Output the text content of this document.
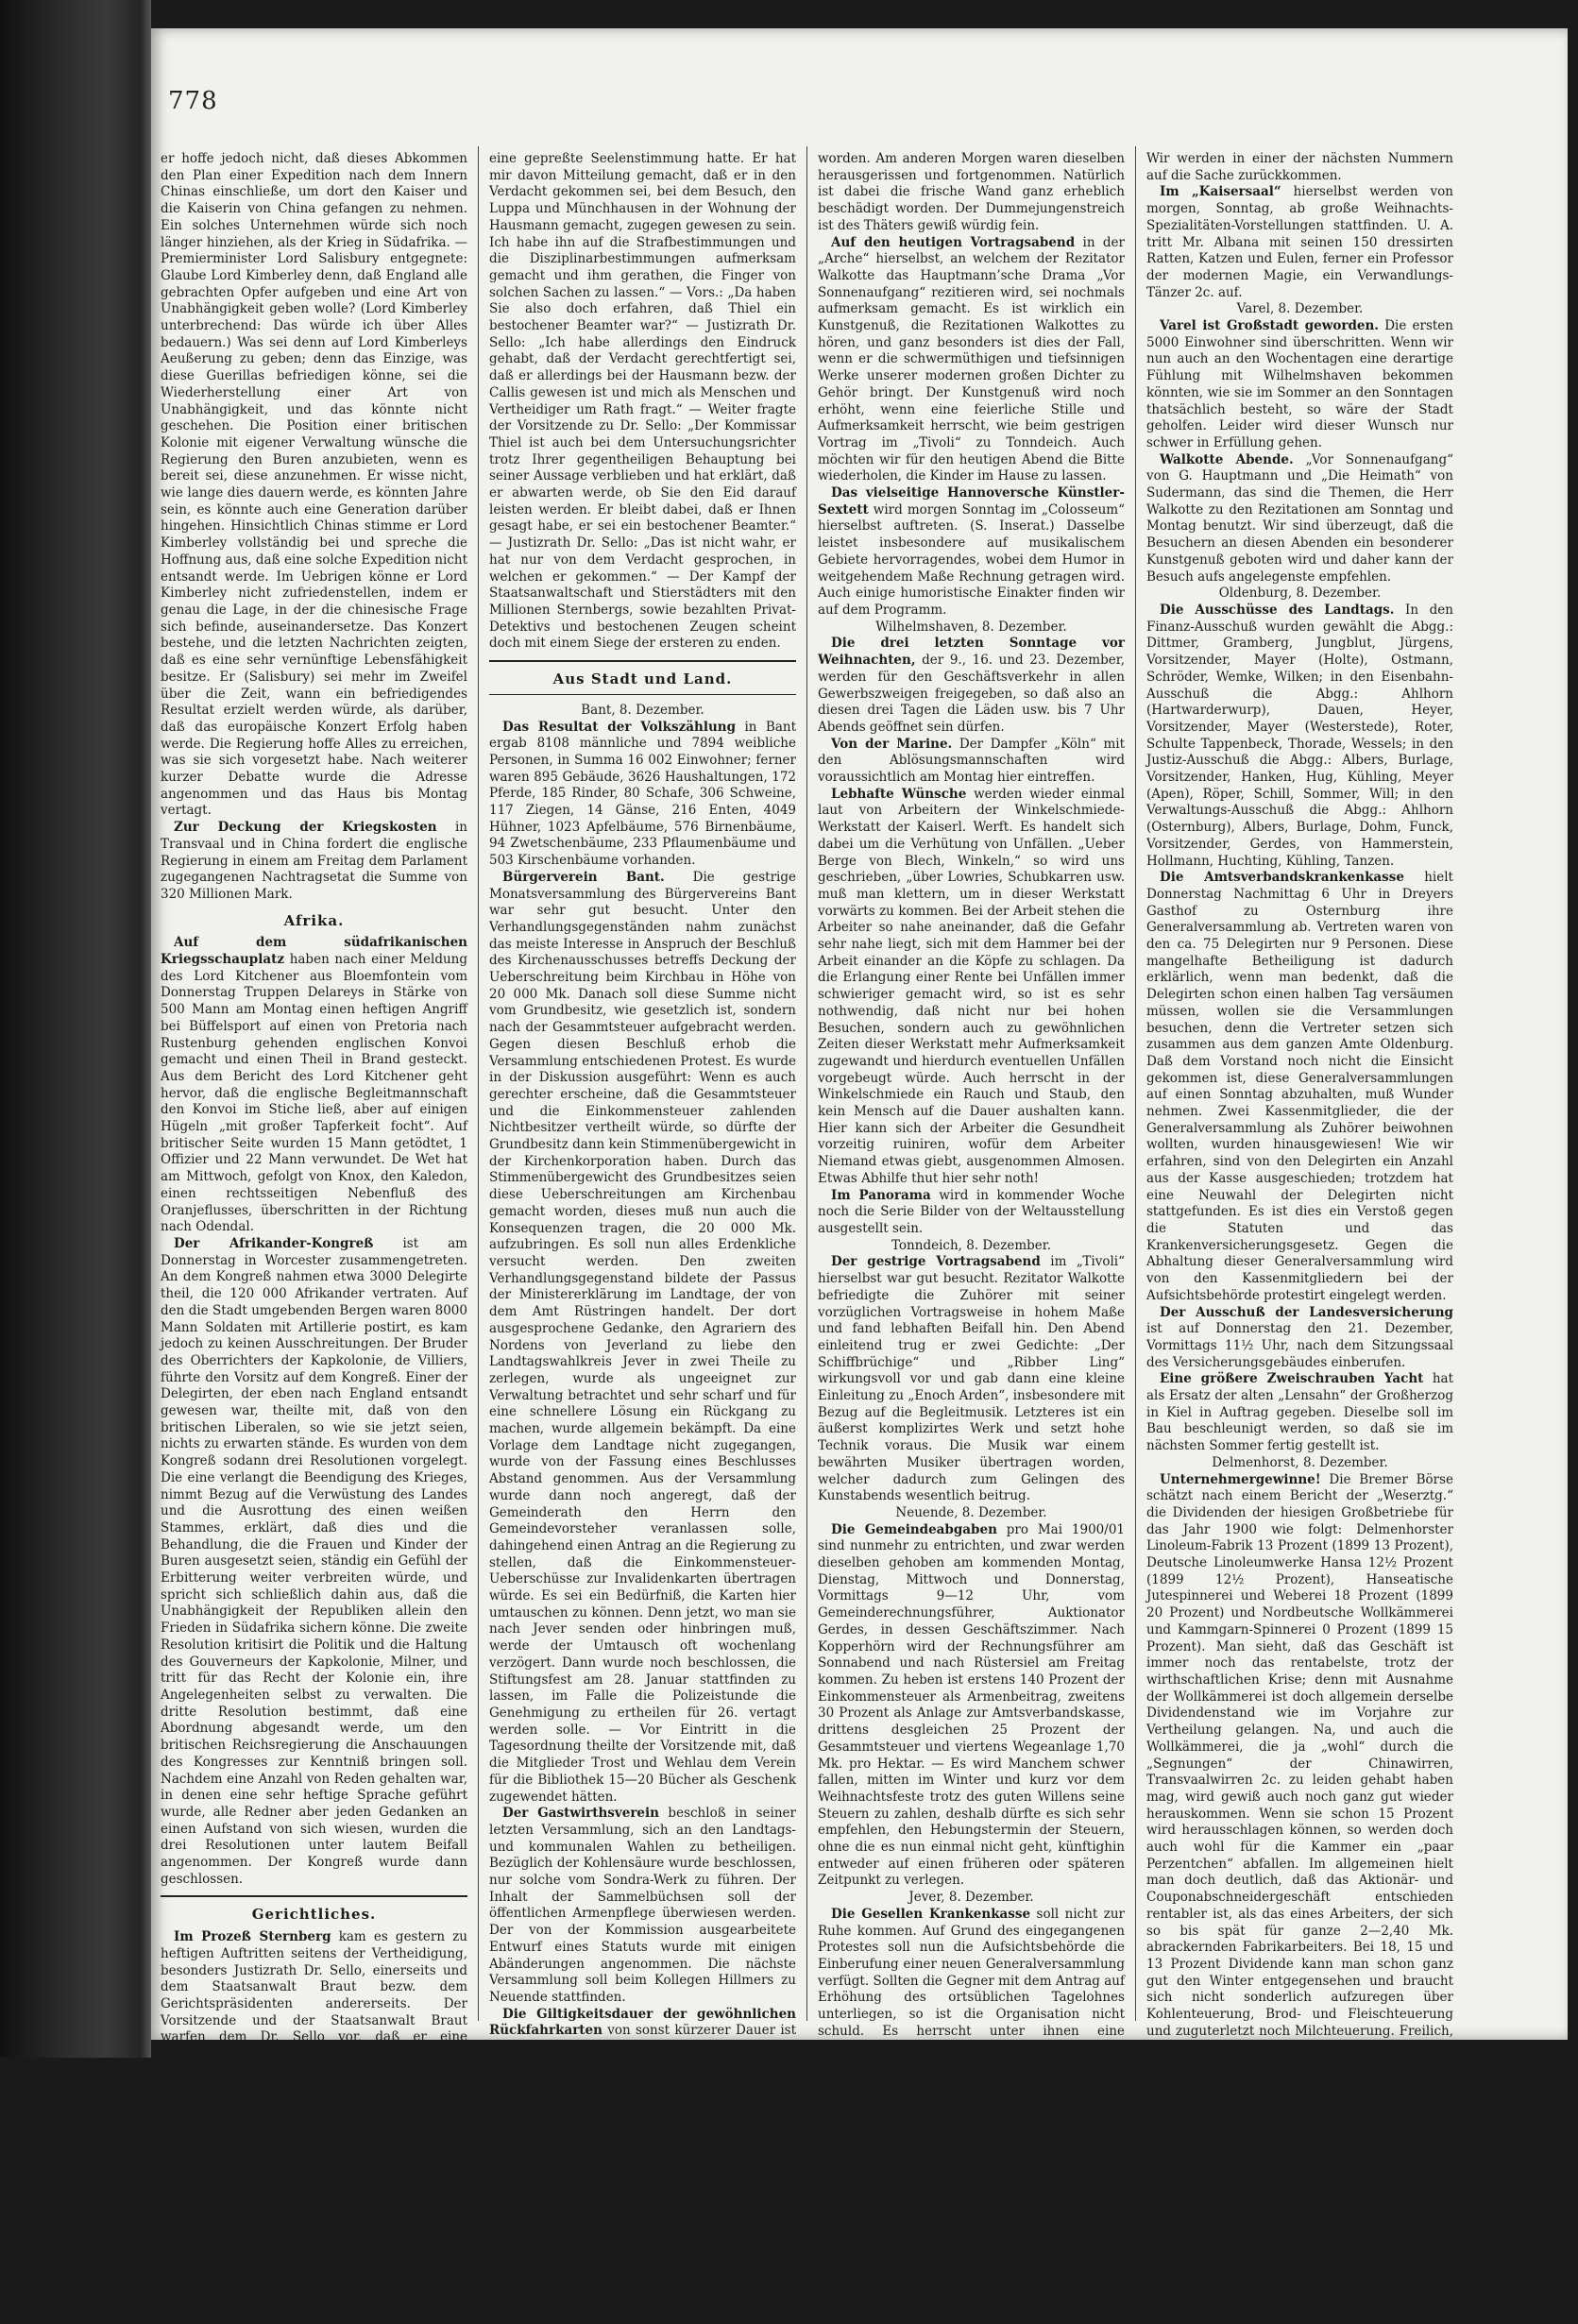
778

er hoffe jedoch nicht, daß dieses Abkommen den Plan einer Expedition nach dem Innern Chinas einschließe, um dort den Kaiser und die Kaiserin von China gefangen zu nehmen. Ein solches Unternehmen würde sich noch länger hinziehen, als der Krieg in Südafrika. — Premierminister Lord Salisbury entgegnete: Glaube Lord Kimberley denn, daß England alle gebrachten Opfer aufgeben und eine Art von Unabhängigkeit geben wolle? (Lord Kimberley unterbrechend: Das würde ich über Alles bedauern.) Was sei denn auf Lord Kimberleys Aeußerung zu geben; denn das Einzige, was diese Guerillas befriedigen könne, sei die Wiederherstellung einer Art von Unabhängigkeit, und das könnte nicht geschehen. Die Position einer britischen Kolonie mit eigener Verwaltung wünsche die Regierung den Buren anzubieten, wenn es bereit sei, diese anzunehmen. Er wisse nicht, wie lange dies dauern werde, es könnten Jahre sein, es könnte auch eine Generation darüber hingehen. Hinsichtlich Chinas stimme er Lord Kimberley vollständig bei und spreche die Hoffnung aus, daß eine solche Expedition nicht entsandt werde. Im Uebrigen könne er Lord Kimberley nicht zufriedenstellen, indem er genau die Lage, in der die chinesische Frage sich befinde, auseinandersetze. Das Konzert bestehe, und die letzten Nachrichten zeigten, daß es eine sehr vernünftige Lebensfähigkeit besitze. Er (Salisbury) sei mehr im Zweifel über die Zeit, wann ein befriedigendes Resultat erzielt werden würde, als darüber, daß das europäische Konzert Erfolg haben werde. Die Regierung hoffe Alles zu erreichen, was sie sich vorgesetzt habe. Nach weiterer kurzer Debatte wurde die Adresse angenommen und das Haus bis Montag vertagt.

Zur Deckung der Kriegskosten in Transvaal und in China fordert die englische Regierung in einem am Freitag dem Parlament zugegangenen Nachtragsetat die Summe von 320 Millionen Mark.

Afrika.

Auf dem südafrikanischen Kriegsschauplatz haben nach einer Meldung des Lord Kitchener aus Bloemfontein vom Donnerstag Truppen Delareys in Stärke von 500 Mann am Montag einen heftigen Angriff bei Büffelsport auf einen von Pretoria nach Rustenburg gehenden englischen Konvoi gemacht und einen Theil in Brand gesteckt. Aus dem Bericht des Lord Kitchener geht hervor, daß die englische Begleitmannschaft den Konvoi im Stiche ließ, aber auf einigen Hügeln „mit großer Tapferkeit focht“. Auf britischer Seite wurden 15 Mann getödtet, 1 Offizier und 22 Mann verwundet. De Wet hat am Mittwoch, gefolgt von Knox, den Kaledon, einen rechtsseitigen Nebenfluß des Oranjeflusses, überschritten in der Richtung nach Odendal.

Der Afrikander-Kongreß ist am Donnerstag in Worcester zusammengetreten. An dem Kongreß nahmen etwa 3000 Delegirte theil, die 120 000 Afrikander vertraten. Auf den die Stadt umgebenden Bergen waren 8000 Mann Soldaten mit Artillerie postirt, es kam jedoch zu keinen Ausschreitungen. Der Bruder des Oberrichters der Kapkolonie, de Villiers, führte den Vorsitz auf dem Kongreß. Einer der Delegirten, der eben nach England entsandt gewesen war, theilte mit, daß von den britischen Liberalen, so wie sie jetzt seien, nichts zu erwarten stände. Es wurden von dem Kongreß sodann drei Resolutionen vorgelegt. Die eine verlangt die Beendigung des Krieges, nimmt Bezug auf die Verwüstung des Landes und die Ausrottung des einen weißen Stammes, erklärt, daß dies und die Behandlung, die die Frauen und Kinder der Buren ausgesetzt seien, ständig ein Gefühl der Erbitterung weiter verbreiten würde, und spricht sich schließlich dahin aus, daß die Unabhängigkeit der Republiken allein den Frieden in Südafrika sichern könne. Die zweite Resolution kritisirt die Politik und die Haltung des Gouverneurs der Kapkolonie, Milner, und tritt für das Recht der Kolonie ein, ihre Angelegenheiten selbst zu verwalten. Die dritte Resolution bestimmt, daß eine Abordnung abgesandt werde, um den britischen Reichsregierung die Anschauungen des Kongresses zur Kenntniß bringen soll. Nachdem eine Anzahl von Reden gehalten war, in denen eine sehr heftige Sprache geführt wurde, alle Redner aber jeden Gedanken an einen Aufstand von sich wiesen, wurden die drei Resolutionen unter lautem Beifall angenommen. Der Kongreß wurde dann geschlossen.

Gerichtliches.

Im Prozeß Sternberg kam es gestern zu heftigen Auftritten seitens der Vertheidigung, besonders Justizrath Dr. Sello, einerseits und dem Staatsanwalt Braut bezw. dem Gerichtspräsidenten andererseits. Der Vorsitzende und der Staatsanwalt Braut warfen dem Dr. Sello vor, daß er eine Entrüstung bei der Beschuldigung Stierstädters, daß Thiel das Vorgehen des Kommissars Thiel gewußt, nicht am Platze gewesen sei, denn Thiel habe ihm, Dr. Sello, gesagt, er habe schon im Monat Mai dem Dr. Sello mitgetheilt, daß er ein bestochener Beamter sei. Dr. Sello bestritt, daß Sello es gesagt habe und wurde sehr aufgebracht auf folgender Erklärung festgenagelt: „Herr Thiel ist etwa im März zu mir gekommen und hat auf mich den Eindruck gemacht, als ob er sich in schwerer Gewissensbedrängniß befunden und

eine gepreßte Seelenstimmung hatte. Er hat mir davon Mitteilung gemacht, daß er in den Verdacht gekommen sei, bei dem Besuch, den Luppa und Münchhausen in der Wohnung der Hausmann gemacht, zugegen gewesen zu sein. Ich habe ihn auf die Strafbestimmungen und die Disziplinarbestimmungen aufmerksam gemacht und ihm gerathen, die Finger von solchen Sachen zu lassen.“ — Vors.: „Da haben Sie also doch erfahren, daß Thiel ein bestochener Beamter war?“ — Justizrath Dr. Sello: „Ich habe allerdings den Eindruck gehabt, daß der Verdacht gerechtfertigt sei, daß er allerdings bei der Hausmann bezw. der Callis gewesen ist und mich als Menschen und Vertheidiger um Rath fragt.“ — Weiter fragte der Vorsitzende zu Dr. Sello: „Der Kommissar Thiel ist auch bei dem Untersuchungsrichter trotz Ihrer gegentheiligen Behauptung bei seiner Aussage verblieben und hat erklärt, daß er abwarten werde, ob Sie den Eid darauf leisten werden. Er bleibt dabei, daß er Ihnen gesagt habe, er sei ein bestochener Beamter.“ — Justizrath Dr. Sello: „Das ist nicht wahr, er hat nur von dem Verdacht gesprochen, in welchen er gekommen.“ — Der Kampf der Staatsanwaltschaft und Stierstädters mit den Millionen Sternbergs, sowie bezahlten Privat-Detektivs und bestochenen Zeugen scheint doch mit einem Siege der ersteren zu enden.

Aus Stadt und Land.

Bant, 8. Dezember.

Das Resultat der Volkszählung in Bant ergab 8108 männliche und 7894 weibliche Personen, in Summa 16 002 Einwohner; ferner waren 895 Gebäude, 3626 Haushaltungen, 172 Pferde, 185 Rinder, 80 Schafe, 306 Schweine, 117 Ziegen, 14 Gänse, 216 Enten, 4049 Hühner, 1023 Apfelbäume, 576 Birnenbäume, 94 Zwetschenbäume, 233 Pflaumenbäume und 503 Kirschenbäume vorhanden.

Bürgerverein Bant. Die gestrige Monatsversammlung des Bürgervereins Bant war sehr gut besucht. Unter den Verhandlungsgegenständen nahm zunächst das meiste Interesse in Anspruch der Beschluß des Kirchenausschusses betreffs Deckung der Ueberschreitung beim Kirchbau in Höhe von 20 000 Mk. Danach soll diese Summe nicht vom Grundbesitz, wie gesetzlich ist, sondern nach der Gesammtsteuer aufgebracht werden. Gegen diesen Beschluß erhob die Versammlung entschiedenen Protest. Es wurde in der Diskussion ausgeführt: Wenn es auch gerechter erscheine, daß die Gesammtsteuer und die Einkommensteuer zahlenden Nichtbesitzer vertheilt würde, so dürfte der Grundbesitz dann kein Stimmenübergewicht in der Kirchenkorporation haben. Durch das Stimmenübergewicht des Grundbesitzes seien diese Ueberschreitungen am Kirchenbau gemacht worden, dieses muß nun auch die Konsequenzen tragen, die 20 000 Mk. aufzubringen. Es soll nun alles Erdenkliche versucht werden. Den zweiten Verhandlungsgegenstand bildete der Passus der Ministererklärung im Landtage, der von dem Amt Rüstringen handelt. Der dort ausgesprochene Gedanke, den Agrariern des Nordens von Jeverland zu liebe den Landtagswahlkreis Jever in zwei Theile zu zerlegen, wurde als ungeeignet zur Verwaltung betrachtet und sehr scharf und für eine schnellere Lösung ein Rückgang zu machen, wurde allgemein bekämpft. Da eine Vorlage dem Landtage nicht zugegangen, wurde von der Fassung eines Beschlusses Abstand genommen. Aus der Versammlung wurde dann noch angeregt, daß der Gemeinderath den Herrn den Gemeindevorsteher veranlassen solle, dahingehend einen Antrag an die Regierung zu stellen, daß die Einkommensteuer-Ueberschüsse zur Invalidenkarten übertragen würde. Es sei ein Bedürfniß, die Karten hier umtauschen zu können. Denn jetzt, wo man sie nach Jever senden oder hinbringen muß, werde der Umtausch oft wochenlang verzögert. Dann wurde noch beschlossen, die Stiftungsfest am 28. Januar stattfinden zu lassen, im Falle die Polizeistunde die Genehmigung zu ertheilen für 26. vertagt werden solle. — Vor Eintritt in die Tagesordnung theilte der Vorsitzende mit, daß die Mitglieder Trost und Wehlau dem Verein für die Bibliothek 15—20 Bücher als Geschenk zugewendet hätten.

Der Gastwirthsverein beschloß in seiner letzten Versammlung, sich an den Landtags- und kommunalen Wahlen zu betheiligen. Bezüglich der Kohlensäure wurde beschlossen, nur solche vom Sondra-Werk zu führen. Der Inhalt der Sammelbüchsen soll der öffentlichen Armenpflege überwiesen werden. Der von der Kommission ausgearbeitete Entwurf eines Statuts wurde mit einigen Abänderungen angenommen. Die nächste Versammlung soll beim Kollegen Hillmers zu Neuende stattfinden.

Die Giltigkeitsdauer der gewöhnlichen Rückfahrkarten von sonst kürzerer Dauer ist für den Bereich der Oldenburgischen Bahn zum Weihnachtsfeste im direkten Verkehr mit den Stationen der Preußisch-Hessischen und Sächsischen Staatseisenbahnen, der Eutin-Lübecker, Lübeck-Büchener, Mecklenburgischen Friedrich-Franz-, Niederländischen Staats- und Holländischen Bahn auf die Zeit vom 18. Dezember einschließlich bis zum 8. Januar einschließlich festgesetzt.

Ein Nachteil niedrigster Sorte wurde in der letzten Nacht in der Nähe einer Baude im Börsenstraße hierselbst verübt. Der Besitzer des Hauses wollte eine Thür in eine Wand setzen lassen. Die Haken, an welche die Thür gehängt werden sollte, waren neu eingemauert

worden. Am anderen Morgen waren dieselben herausgerissen und fortgenommen. Natürlich ist dabei die frische Wand ganz erheblich beschädigt worden. Der Dummejungenstreich ist des Thäters gewiß würdig fein.

Auf den heutigen Vortragsabend in der „Arche“ hierselbst, an welchem der Rezitator Walkotte das Hauptmann’sche Drama „Vor Sonnenaufgang“ rezitieren wird, sei nochmals aufmerksam gemacht. Es ist wirklich ein Kunstgenuß, die Rezitationen Walkottes zu hören, und ganz besonders ist dies der Fall, wenn er die schwermüthigen und tiefsinnigen Werke unserer modernen großen Dichter zu Gehör bringt. Der Kunstgenuß wird noch erhöht, wenn eine feierliche Stille und Aufmerksamkeit herrscht, wie beim gestrigen Vortrag im „Tivoli“ zu Tonndeich. Auch möchten wir für den heutigen Abend die Bitte wiederholen, die Kinder im Hause zu lassen.

Das vielseitige Hannoversche Künstler-Sextett wird morgen Sonntag im „Colosseum“ hierselbst auftreten. (S. Inserat.) Dasselbe leistet insbesondere auf musikalischem Gebiete hervorragendes, wobei dem Humor in weitgehendem Maße Rechnung getragen wird. Auch einige humoristische Einakter finden wir auf dem Programm.

Wilhelmshaven, 8. Dezember.

Die drei letzten Sonntage vor Weihnachten, der 9., 16. und 23. Dezember, werden für den Geschäftsverkehr in allen Gewerbszweigen freigegeben, so daß also an diesen drei Tagen die Läden usw. bis 7 Uhr Abends geöffnet sein dürfen.

Von der Marine. Der Dampfer „Köln“ mit den Ablösungsmannschaften wird voraussichtlich am Montag hier eintreffen.

Lebhafte Wünsche werden wieder einmal laut von Arbeitern der Winkelschmiede-Werkstatt der Kaiserl. Werft. Es handelt sich dabei um die Verhütung von Unfällen. „Ueber Berge von Blech, Winkeln,“ so wird uns geschrieben, „über Lowries, Schubkarren usw. muß man klettern, um in dieser Werkstatt vorwärts zu kommen. Bei der Arbeit stehen die Arbeiter so nahe aneinander, daß die Gefahr sehr nahe liegt, sich mit dem Hammer bei der Arbeit einander an die Köpfe zu schlagen. Da die Erlangung einer Rente bei Unfällen immer schwieriger gemacht wird, so ist es sehr nothwendig, daß nicht nur bei hohen Besuchen, sondern auch zu gewöhnlichen Zeiten dieser Werkstatt mehr Aufmerksamkeit zugewandt und hierdurch eventuellen Unfällen vorgebeugt würde. Auch herrscht in der Winkelschmiede ein Rauch und Staub, den kein Mensch auf die Dauer aushalten kann. Hier kann sich der Arbeiter die Gesundheit vorzeitig ruiniren, wofür dem Arbeiter Niemand etwas giebt, ausgenommen Almosen. Etwas Abhilfe thut hier sehr noth!

Im Panorama wird in kommender Woche noch die Serie Bilder von der Weltausstellung ausgestellt sein.

Tonndeich, 8. Dezember.

Der gestrige Vortragsabend im „Tivoli“ hierselbst war gut besucht. Rezitator Walkotte befriedigte die Zuhörer mit seiner vorzüglichen Vortragsweise in hohem Maße und fand lebhaften Beifall hin. Den Abend einleitend trug er zwei Gedichte: „Der Schiffbrüchige“ und „Ribber Ling“ wirkungsvoll vor und gab dann eine kleine Einleitung zu „Enoch Arden“, insbesondere mit Bezug auf die Begleitmusik. Letzteres ist ein äußerst komplizirtes Werk und setzt hohe Technik voraus. Die Musik war einem bewährten Musiker übertragen worden, welcher dadurch zum Gelingen des Kunstabends wesentlich beitrug.

Neuende, 8. Dezember.

Die Gemeindeabgaben pro Mai 1900/01 sind nunmehr zu entrichten, und zwar werden dieselben gehoben am kommenden Montag, Dienstag, Mittwoch und Donnerstag, Vormittags 9—12 Uhr, vom Gemeinderechnungsführer, Auktionator Gerdes, in dessen Geschäftszimmer. Nach Kopperhörn wird der Rechnungsführer am Sonnabend und nach Rüstersiel am Freitag kommen. Zu heben ist erstens 140 Prozent der Einkommensteuer als Armenbeitrag, zweitens 30 Prozent als Anlage zur Amtsverbandskasse, drittens desgleichen 25 Prozent der Gesammtsteuer und viertens Wegeanlage 1,70 Mk. pro Hektar. — Es wird Manchem schwer fallen, mitten im Winter und kurz vor dem Weihnachtsfeste trotz des guten Willens seine Steuern zu zahlen, deshalb dürfte es sich sehr empfehlen, den Hebungstermin der Steuern, ohne die es nun einmal nicht geht, künftighin entweder auf einen früheren oder späteren Zeitpunkt zu verlegen.

Jever, 8. Dezember.

Die Gesellen Krankenkasse soll nicht zur Ruhe kommen. Auf Grund des eingegangenen Protestes soll nun die Aufsichtsbehörde die Einberufung einer neuen Generalversammlung verfügt. Sollten die Gegner mit dem Antrag auf Erhöhung des ortsüblichen Tagelohnes unterliegen, so ist die Organisation nicht schuld. Es herrscht unter ihnen eine grenzenlose Lauheit und Interesselosigkeit und die Organisation des Betriebes nicht zu bringen. Sie sollten sich deshalb auch nicht wundern, wenn man sich dagegen sich berechtigte Forderung, wie es zur Zeit die Erhöhung des ortsüblichen Tagelohnes ist, vorzugehen.

Wir werden in einer der nächsten Nummern auf die Sache zurückkommen.

Im „Kaisersaal“ hierselbst werden von morgen, Sonntag, ab große Weihnachts-Spezialitäten-Vorstellungen stattfinden. U. A. tritt Mr. Albana mit seinen 150 dressirten Ratten, Katzen und Eulen, ferner ein Professor der modernen Magie, ein Verwandlungs-Tänzer 2c. auf.

Varel, 8. Dezember.

Varel ist Großstadt geworden. Die ersten 5000 Einwohner sind überschritten. Wenn wir nun auch an den Wochentagen eine derartige Fühlung mit Wilhelmshaven bekommen könnten, wie sie im Sommer an den Sonntagen thatsächlich besteht, so wäre der Stadt geholfen. Leider wird dieser Wunsch nur schwer in Erfüllung gehen.

Walkotte Abende. „Vor Sonnenaufgang“ von G. Hauptmann und „Die Heimath“ von Sudermann, das sind die Themen, die Herr Walkotte zu den Rezitationen am Sonntag und Montag benutzt. Wir sind überzeugt, daß die Besuchern an diesen Abenden ein besonderer Kunstgenuß geboten wird und daher kann der Besuch aufs angelegenste empfehlen.

Oldenburg, 8. Dezember.

Die Ausschüsse des Landtags. In den Finanz-Ausschuß wurden gewählt die Abgg.: Dittmer, Gramberg, Jungblut, Jürgens, Vorsitzender, Mayer (Holte), Ostmann, Schröder, Wemke, Wilken; in den Eisenbahn-Ausschuß die Abgg.: Ahlhorn (Hartwarderwurp), Dauen, Heyer, Vorsitzender, Mayer (Westerstede), Roter, Schulte Tappenbeck, Thorade, Wessels; in den Justiz-Ausschuß die Abgg.: Albers, Burlage, Vorsitzender, Hanken, Hug, Kühling, Meyer (Apen), Röper, Schill, Sommer, Will; in den Verwaltungs-Ausschuß die Abgg.: Ahlhorn (Osternburg), Albers, Burlage, Dohm, Funck, Vorsitzender, Gerdes, von Hammerstein, Hollmann, Huchting, Kühling, Tanzen.

Die Amtsverbandskrankenkasse hielt Donnerstag Nachmittag 6 Uhr in Dreyers Gasthof zu Osternburg ihre Generalversammlung ab. Vertreten waren von den ca. 75 Delegirten nur 9 Personen. Diese mangelhafte Betheiligung ist dadurch erklärlich, wenn man bedenkt, daß die Delegirten schon einen halben Tag versäumen müssen, wollen sie die Versammlungen besuchen, denn die Vertreter setzen sich zusammen aus dem ganzen Amte Oldenburg. Daß dem Vorstand noch nicht die Einsicht gekommen ist, diese Generalversammlungen auf einen Sonntag abzuhalten, muß Wunder nehmen. Zwei Kassenmitglieder, die der Generalversammlung als Zuhörer beiwohnen wollten, wurden hinausgewiesen! Wie wir erfahren, sind von den Delegirten ein Anzahl aus der Kasse ausgeschieden; trotzdem hat eine Neuwahl der Delegirten nicht stattgefunden. Es ist dies ein Verstoß gegen die Statuten und das Krankenversicherungsgesetz. Gegen die Abhaltung dieser Generalversammlung wird von den Kassenmitgliedern bei der Aufsichtsbehörde protestirt eingelegt werden.

Der Ausschuß der Landesversicherung ist auf Donnerstag den 21. Dezember, Vormittags 11½ Uhr, nach dem Sitzungssaal des Versicherungsgebäudes einberufen.

Eine größere Zweischrauben Yacht hat als Ersatz der alten „Lensahn“ der Großherzog in Kiel in Auftrag gegeben. Dieselbe soll im Bau beschleunigt werden, so daß sie im nächsten Sommer fertig gestellt ist.

Delmenhorst, 8. Dezember.

Unternehmergewinne! Die Bremer Börse schätzt nach einem Bericht der „Weserztg.“ die Dividenden der hiesigen Großbetriebe für das Jahr 1900 wie folgt: Delmenhorster Linoleum-Fabrik 13 Prozent (1899 13 Prozent), Deutsche Linoleumwerke Hansa 12½ Prozent (1899 12½ Prozent), Hanseatische Jutespinnerei und Weberei 18 Prozent (1899 20 Prozent) und Nordbeutsche Wollkämmerei und Kammgarn-Spinnerei 0 Prozent (1899 15 Prozent). Man sieht, daß das Geschäft ist immer noch das rentabelste, trotz der wirthschaftlichen Krise; denn mit Ausnahme der Wollkämmerei ist doch allgemein derselbe Dividendenstand wie im Vorjahre zur Vertheilung gelangen. Na, und auch die Wollkämmerei, die ja „wohl“ durch die „Segnungen“ der Chinawirren, Transvaalwirren 2c. zu leiden gehabt haben mag, wird gewiß auch noch ganz gut wieder herauskommen. Wenn sie schon 15 Prozent wird herausschlagen können, so werden doch auch wohl für die Kammer ein „paar Perzentchen“ abfallen. Im allgemeinen hielt man doch deutlich, daß das Aktionär- und Couponabschneidergeschäft entschieden rentabler ist, als das eines Arbeiters, der sich so bis spät für ganze 2—2,40 Mk. abrackernden Fabrikarbeiters. Bei 18, 15 und 13 Prozent Dividende kann man schon ganz gut den Winter entgegensehen und braucht sich nicht sonderlich aufzuregen über Kohlenteuerung, Brod- und Fleischteuerung und zuguterletzt noch Milchteuerung. Freilich, den armen Aktionären und Kuponschneidern bedauern, denn als da kurze Zeit an der Bremer Börse orakelten „0“ eine Gänsehaut über ihr feistes Bäuchlein laufen, denn der Zusammenbruch ist zu schrecklich sein, daß sie ja „Gefrierpunkt zu dem Anblick der Delmenhorster Jute Bäumen des Winters.
